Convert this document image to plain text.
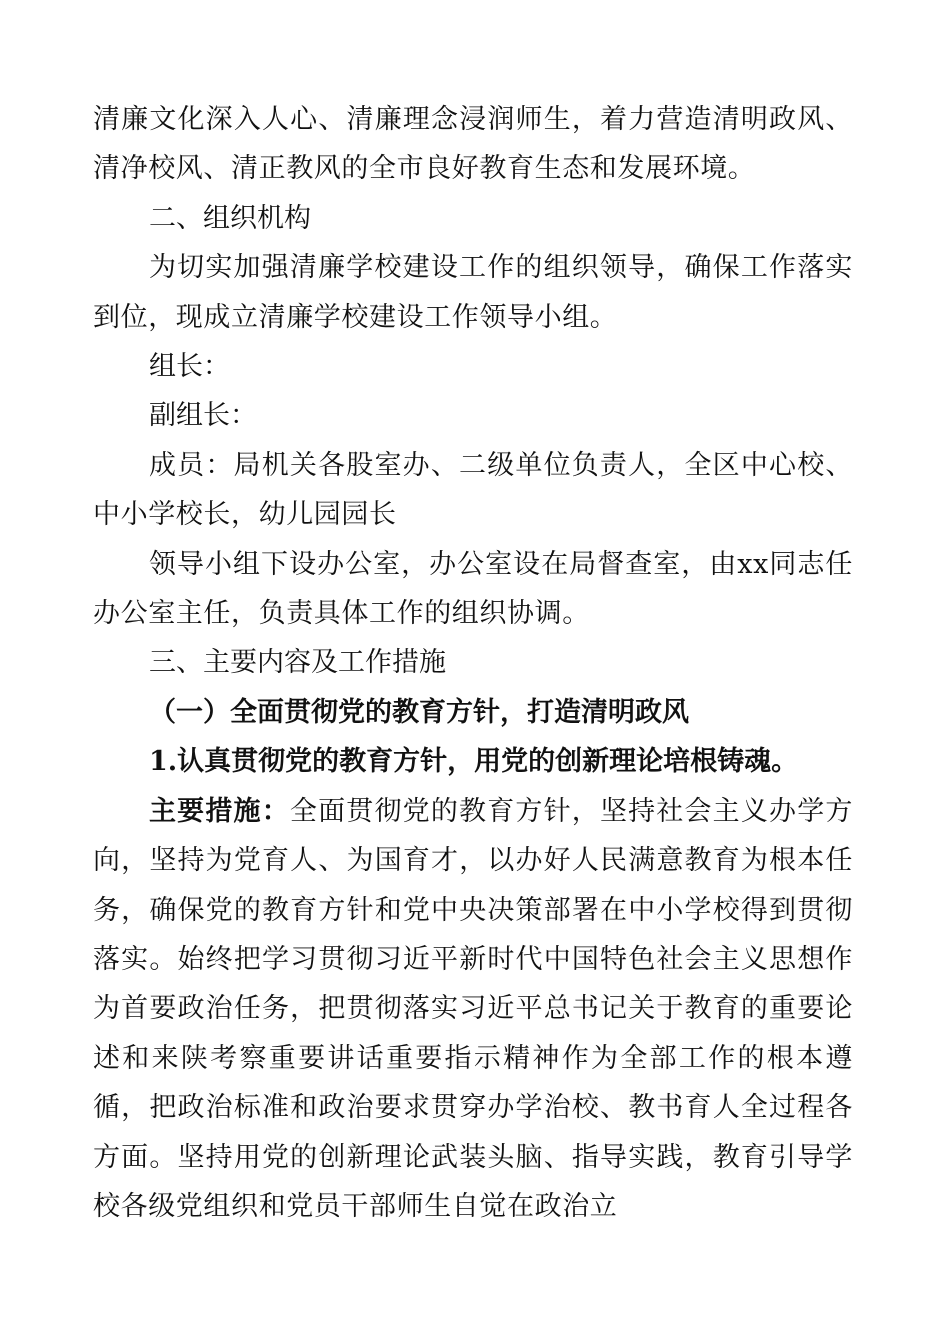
清廉文化深入人心、清廉理念浸润师生，着力营造清明政风、清净校风、清正教风的全市良好教育生态和发展环境。

二、组织机构

为切实加强清廉学校建设工作的组织领导，确保工作落实到位，现成立清廉学校建设工作领导小组。

组长：

副组长：

成员：局机关各股室办、二级单位负责人，全区中心校、中小学校长，幼儿园园长

领导小组下设办公室，办公室设在局督查室，由xx同志任办公室主任，负责具体工作的组织协调。

三、主要内容及工作措施

（一）全面贯彻党的教育方针，打造清明政风

1.认真贯彻党的教育方针，用党的创新理论培根铸魂。

主要措施：全面贯彻党的教育方针，坚持社会主义办学方向，坚持为党育人、为国育才，以办好人民满意教育为根本任务，确保党的教育方针和党中央决策部署在中小学校得到贯彻落实。始终把学习贯彻习近平新时代中国特色社会主义思想作为首要政治任务，把贯彻落实习近平总书记关于教育的重要论述和来陕考察重要讲话重要指示精神作为全部工作的根本遵循，把政治标准和政治要求贯穿办学治校、教书育人全过程各方面。坚持用党的创新理论武装头脑、指导实践，教育引导学校各级党组织和党员干部师生自觉在政治立
